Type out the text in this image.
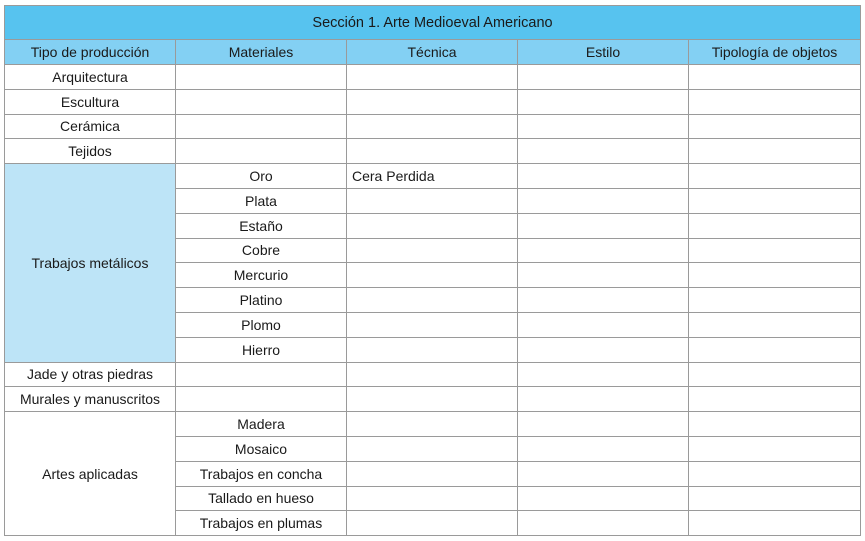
Sección 1. Arte Medioeval Americano				
Tipo de producción	Materiales	Técnica	Estilo	Tipología de objetos
Arquitectura				
Escultura				
Cerámica				
Tejidos				
Trabajos metálicos	Oro	Cera Perdida		
	Plata			
	Estaño			
	Cobre			
	Mercurio			
	Platino			
	Plomo			
	Hierro			
Jade y otras piedras				
Murales y manuscritos				
Artes aplicadas	Madera			
	Mosaico			
	Trabajos en concha			
	Tallado en hueso			
	Trabajos en plumas			
